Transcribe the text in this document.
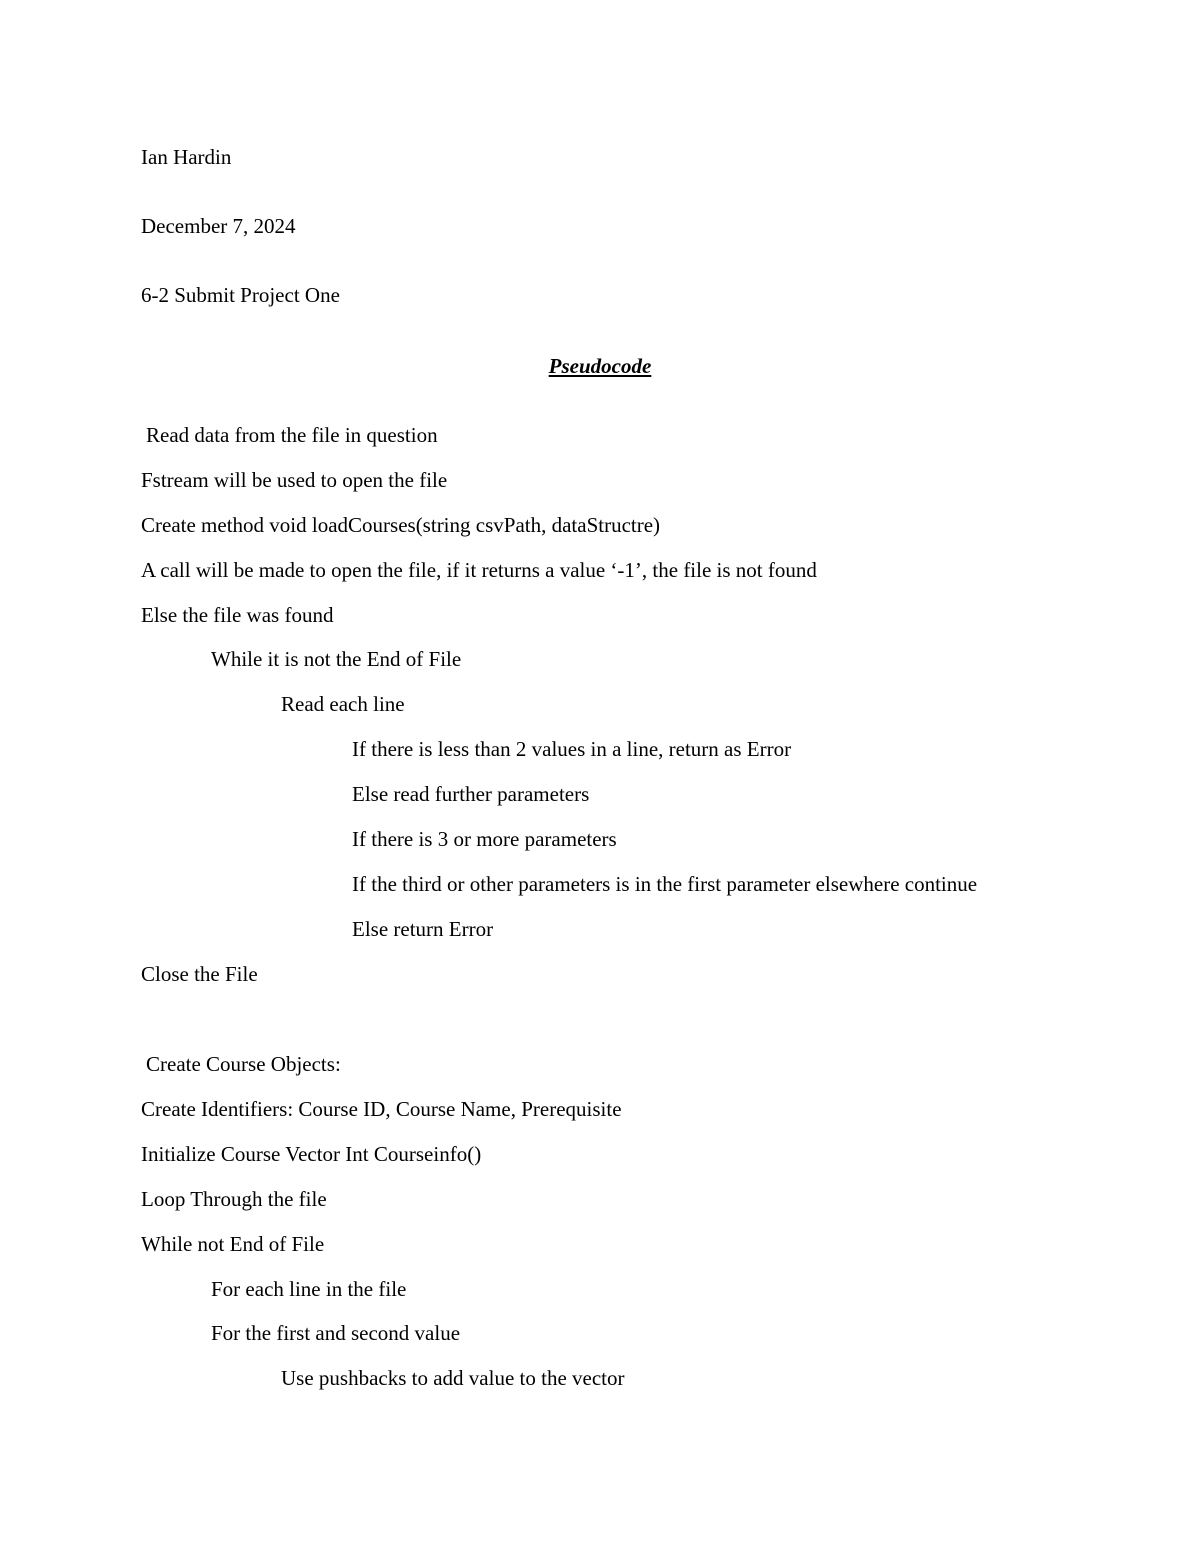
Ian Hardin
December 7, 2024
6-2 Submit Project One
Pseudocode
Read data from the file in question
Fstream will be used to open the file
Create method void loadCourses(string csvPath, dataStructre)
A call will be made to open the file, if it returns a value ‘-1’, the file is not found
Else the file was found
While it is not the End of File
Read each line
If there is less than 2 values in a line, return as Error
Else read further parameters
If there is 3 or more parameters
If the third or other parameters is in the first parameter elsewhere continue
Else return Error
Close the File
Create Course Objects:
Create Identifiers: Course ID, Course Name, Prerequisite
Initialize Course Vector Int Courseinfo()
Loop Through the file
While not End of File
For each line in the file
For the first and second value
Use pushbacks to add value to the vector
